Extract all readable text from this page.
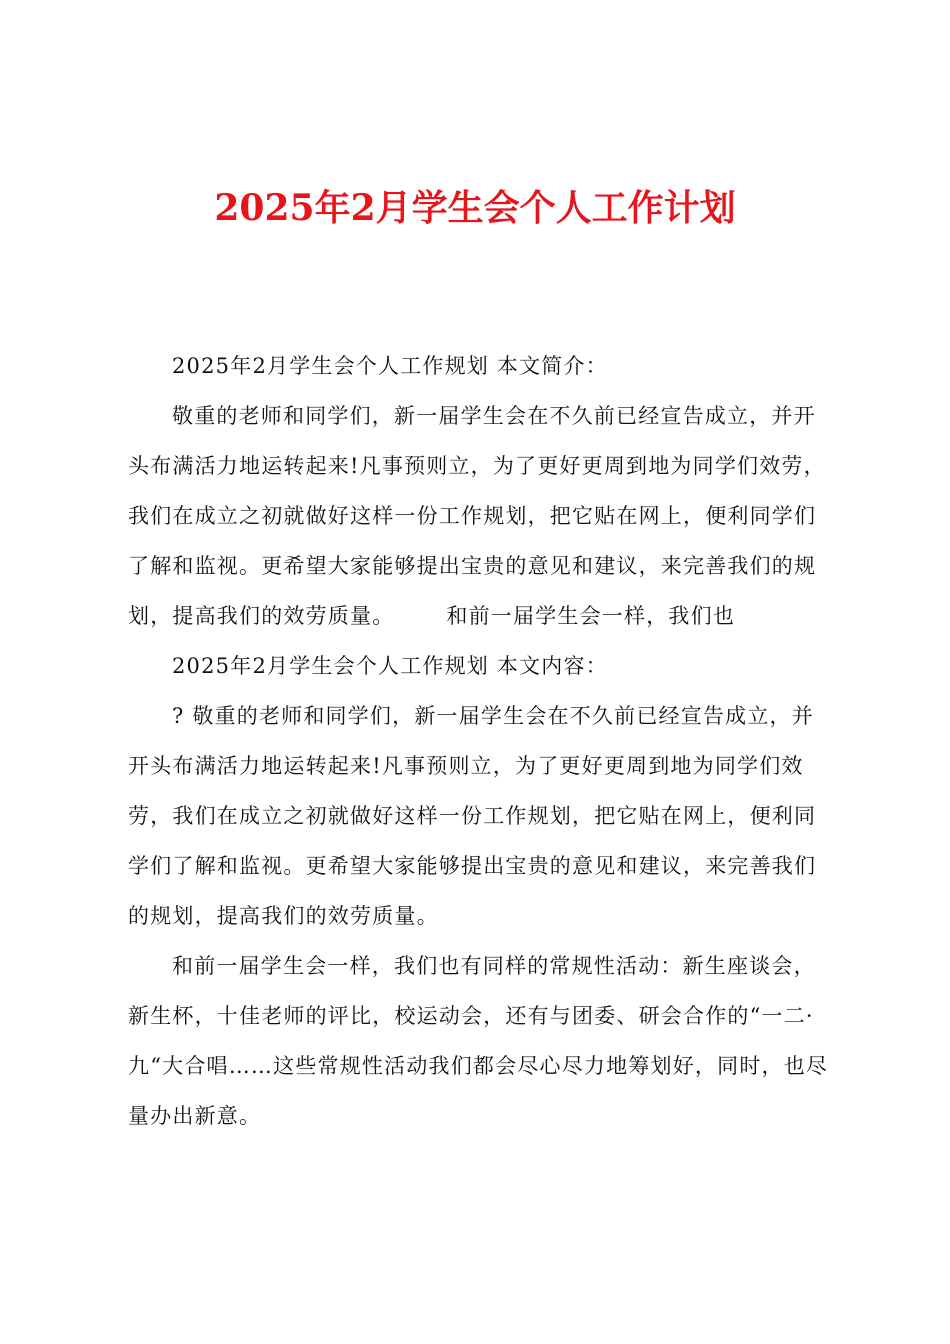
2025年2月学生会个人工作计划

2025年2月学生会个人工作规划 本文简介：

敬重的老师和同学们，新一届学生会在不久前已经宣告成立，并开头布满活力地运转起来!凡事预则立，为了更好更周到地为同学们效劳，我们在成立之初就做好这样一份工作规划，把它贴在网上，便利同学们了解和监视。更希望大家能够提出宝贵的意见和建议，来完善我们的规划，提高我们的效劳质量。 和前一届学生会一样，我们也

2025年2月学生会个人工作规划 本文内容：

? 敬重的老师和同学们，新一届学生会在不久前已经宣告成立，并开头布满活力地运转起来!凡事预则立，为了更好更周到地为同学们效劳，我们在成立之初就做好这样一份工作规划，把它贴在网上，便利同学们了解和监视。更希望大家能够提出宝贵的意见和建议，来完善我们的规划，提高我们的效劳质量。

和前一届学生会一样，我们也有同样的常规性活动：新生座谈会，新生杯，十佳老师的评比，校运动会，还有与团委、研会合作的“一二·九“大合唱……这些常规性活动我们都会尽心尽力地筹划好，同时，也尽量办出新意。
